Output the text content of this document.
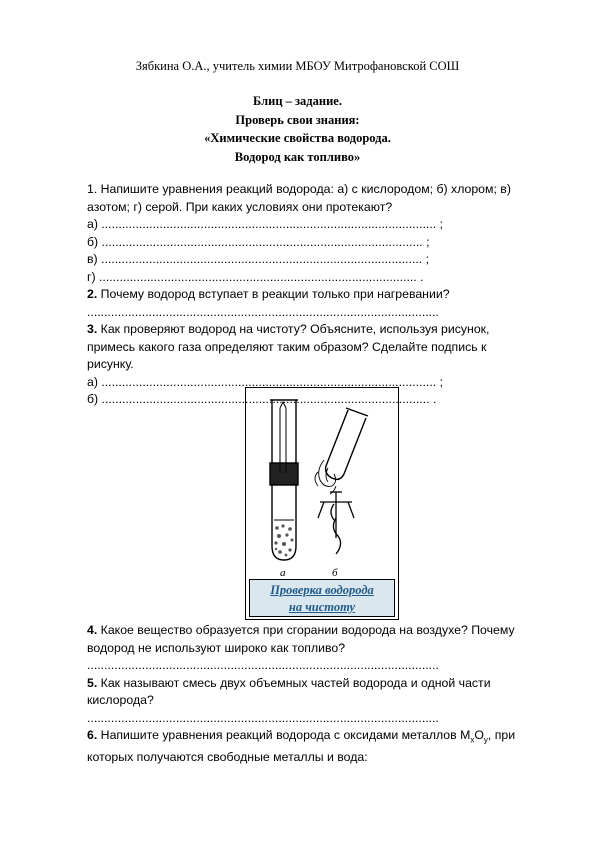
Зябкина О.А., учитель химии МБОУ Митрофановской СОШ
Блиц – задание.
Проверь свои знания:
«Химические свойства водорода.
Водород как топливо»

1. Напишите уравнения реакций водорода: а) с кислородом; б) хлором; в) азотом; г) серой. При каких условиях они протекают?

а) .................................................................................................. ;

б) .............................................................................................. ;

в) .............................................................................................. ;

г) ............................................................................................. .

2. Почему водород вступает в реакции только при нагревании?

.......................................................................................................

3. Как проверяют водород на чистоту? Объясните, используя рисунок, примесь какого газа определяют таким образом? Сделайте подпись к рисунку.

а) .................................................................................................. ;

б) ................................................................................................ .

а	б
Проверка водорода
на чистоту

4. Какое вещество образуется при сгорании водорода на воздухе? Почему водород не используют широко как топливо?

.......................................................................................................

5. Как называют смесь двух объемных частей водорода и одной части кислорода?

.......................................................................................................

6. Напишите уравнения реакций водорода с оксидами металлов $M_xO_y$, при которых получаются свободные металлы и вода:
